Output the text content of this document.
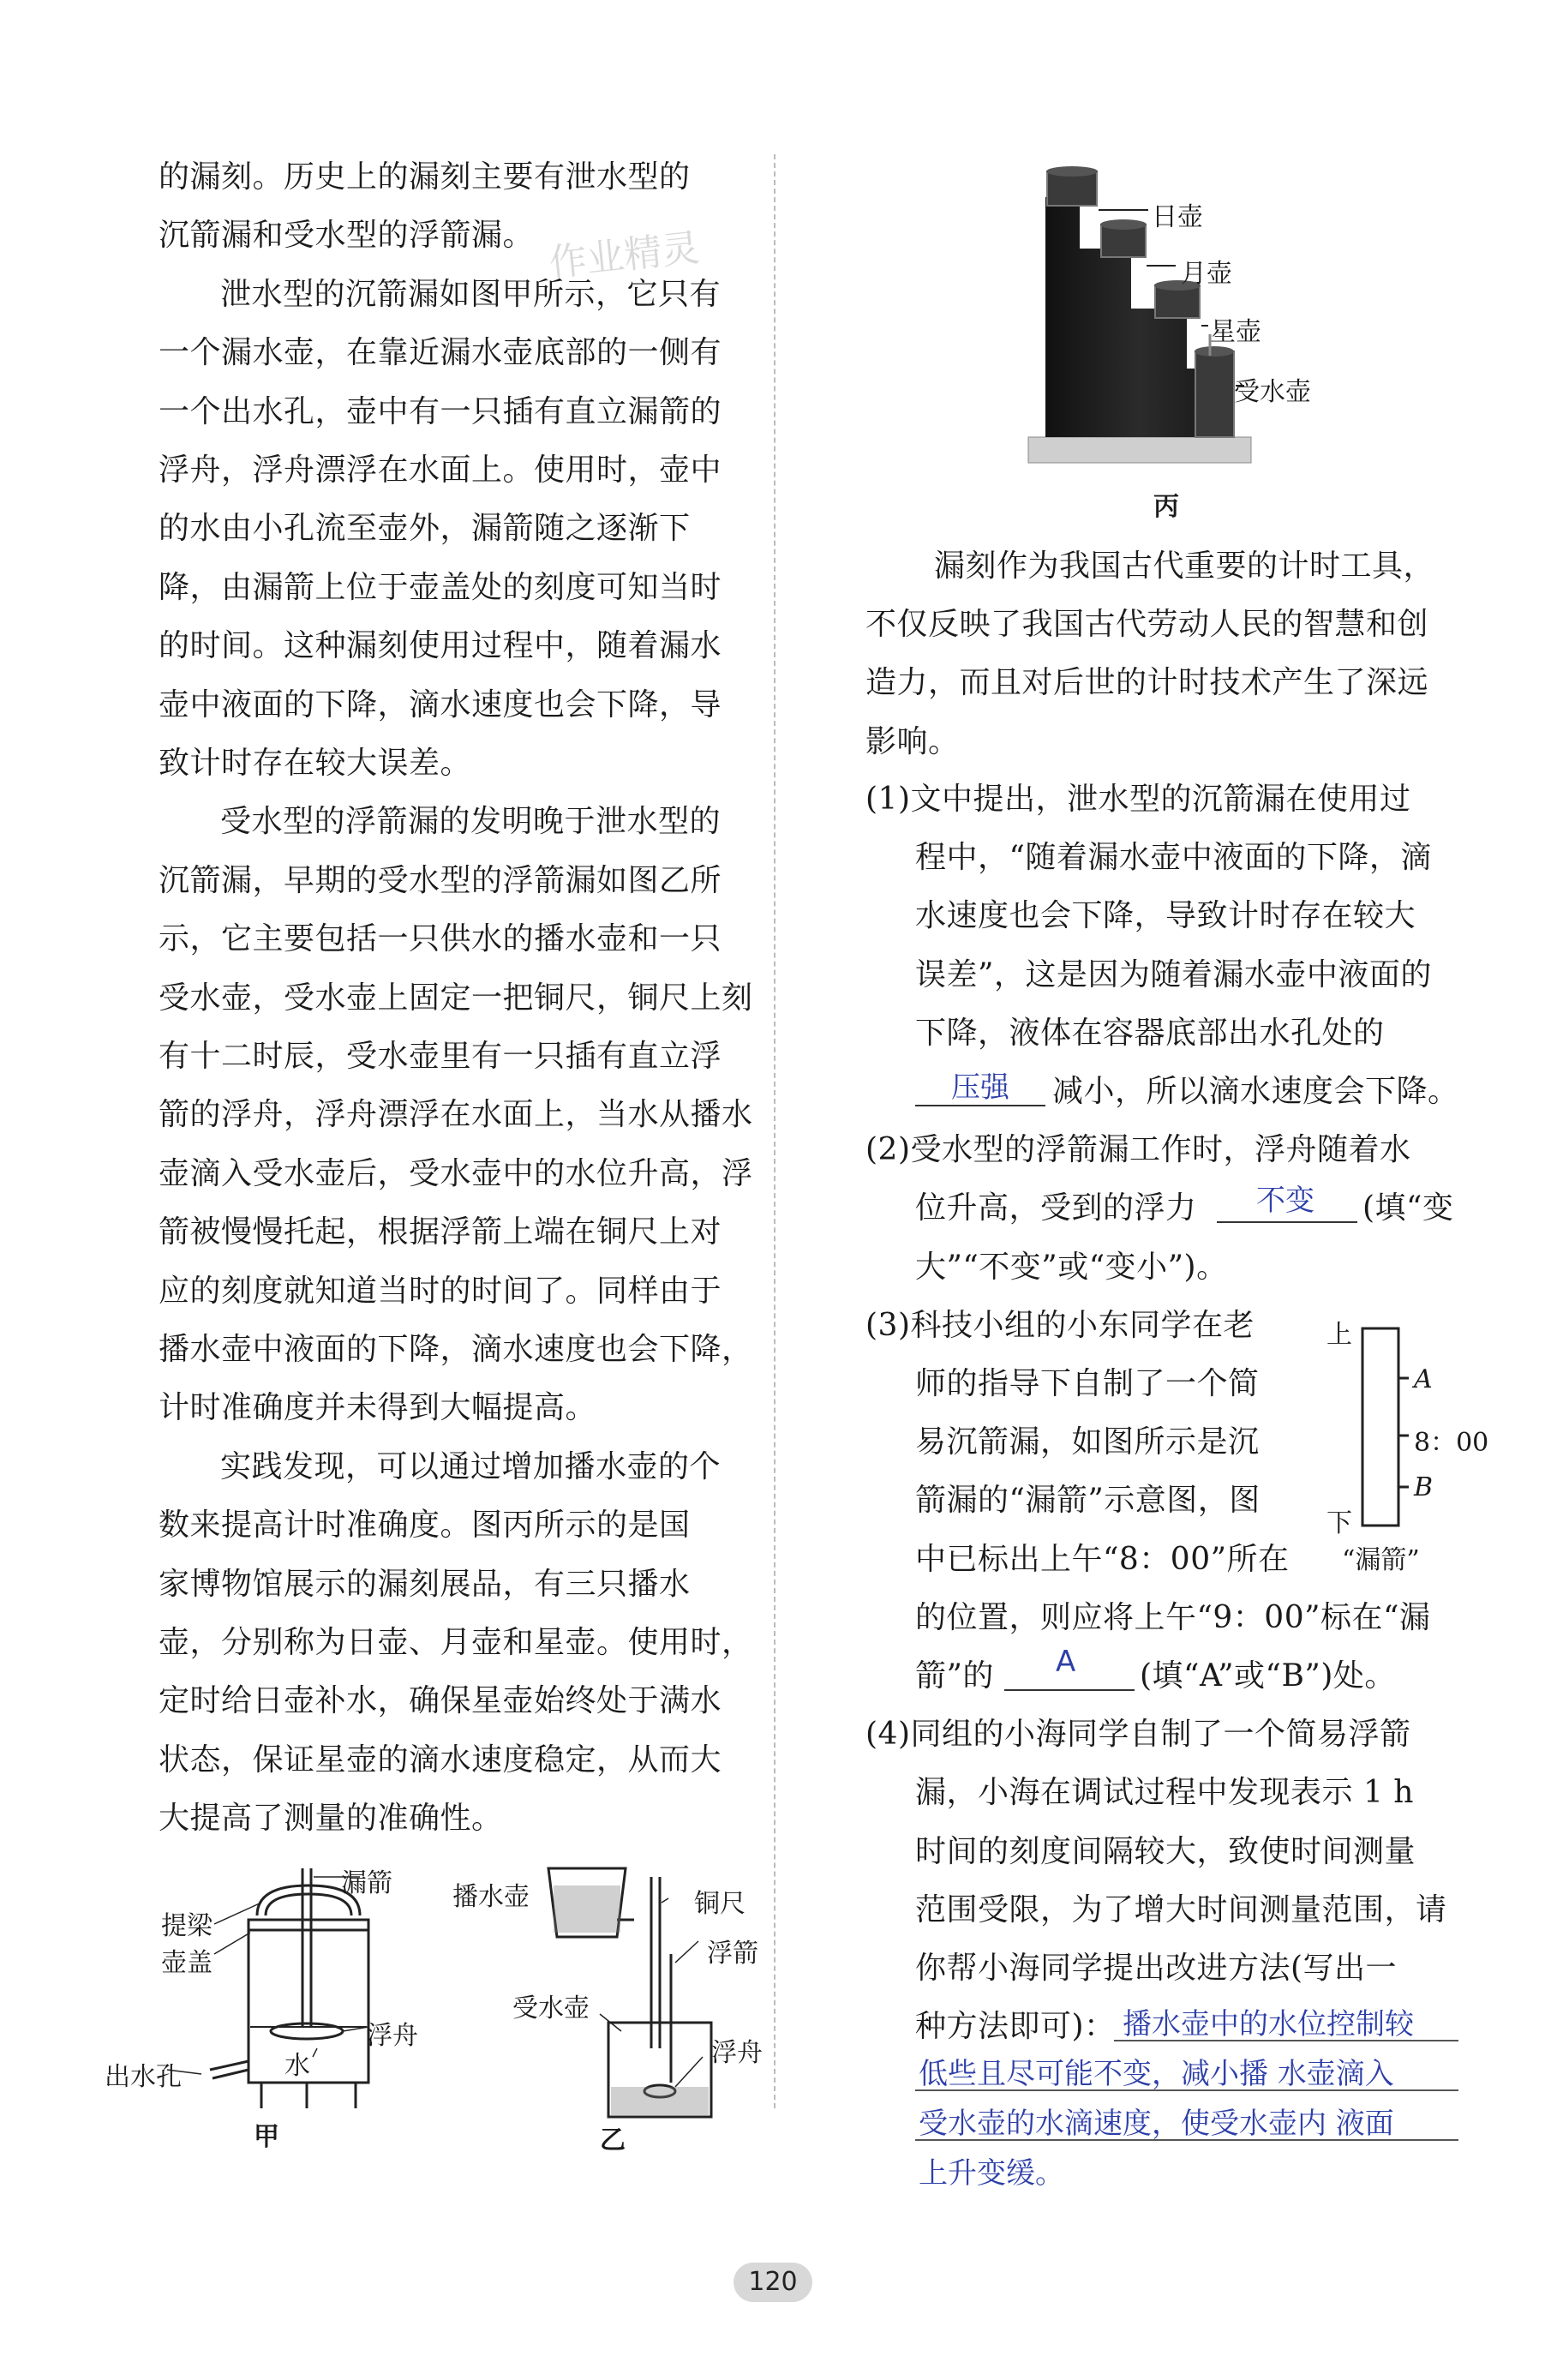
的漏刻。历史上的漏刻主要有泄水型的
沉箭漏和受水型的浮箭漏。
泄水型的沉箭漏如图甲所示，它只有
一个漏水壶，在靠近漏水壶底部的一侧有
一个出水孔，壶中有一只插有直立漏箭的
浮舟，浮舟漂浮在水面上。使用时，壶中
的水由小孔流至壶外，漏箭随之逐渐下
降，由漏箭上位于壶盖处的刻度可知当时
的时间。这种漏刻使用过程中，随着漏水
壶中液面的下降，滴水速度也会下降，导
致计时存在较大误差。
受水型的浮箭漏的发明晚于泄水型的
沉箭漏，早期的受水型的浮箭漏如图乙所
示，它主要包括一只供水的播水壶和一只
受水壶，受水壶上固定一把铜尺，铜尺上刻
有十二时辰，受水壶里有一只插有直立浮
箭的浮舟，浮舟漂浮在水面上，当水从播水
壶滴入受水壶后，受水壶中的水位升高，浮
箭被慢慢托起，根据浮箭上端在铜尺上对
应的刻度就知道当时的时间了。同样由于
播水壶中液面的下降，滴水速度也会下降，
计时准确度并未得到大幅提高。
实践发现，可以通过增加播水壶的个
数来提高计时准确度。图丙所示的是国
家博物馆展示的漏刻展品，有三只播水
壶，分别称为日壶、月壶和星壶。使用时，
定时给日壶补水，确保星壶始终处于满水
状态，保证星壶的滴水速度稳定，从而大
大提高了测量的准确性。
漏箭
提梁
壶盖
浮舟
水
出水孔
甲
播水壶	铜尺
浮箭
受水壶
浮舟
乙
日壶
月壶
星壶
受水壶
丙
漏刻作为我国古代重要的计时工具，
不仅反映了我国古代劳动人民的智慧和创
造力，而且对后世的计时技术产生了深远
影响。
(1)文中提出，泄水型的沉箭漏在使用过
程中，“随着漏水壶中液面的下降，滴
水速度也会下降，导致计时存在较大
误差”，这是因为随着漏水壶中液面的
下降，液体在容器底部出水孔处的
压强 减小，所以滴水速度会下降。
(2)受水型的浮箭漏工作时，浮舟随着水
位升高，受到的浮力 不变 (填“变
大”“不变”或“变小”)。
(3)科技小组的小东同学在老
师的指导下自制了一个简
易沉箭漏，如图所示是沉
箭漏的“漏箭”示意图，图
中已标出上午“8：00”所在
的位置，则应将上午“9：00”标在“漏
箭”的 A (填“A”或“B”)处。
(4)同组的小海同学自制了一个简易浮箭
漏，小海在调试过程中发现表示 1 h
时间的刻度间隔较大，致使时间测量
范围受限，为了增大时间测量范围，请
你帮小海同学提出改进方法(写出一
种方法即可)： 播水壶中的水位控制较
低些且尽可能不变，减小播 水壶滴入
受水壶的水滴速度，使受水壶内 液面
上升变缓。
上
下
A
8：00
B
“漏箭”
作业精灵
120
